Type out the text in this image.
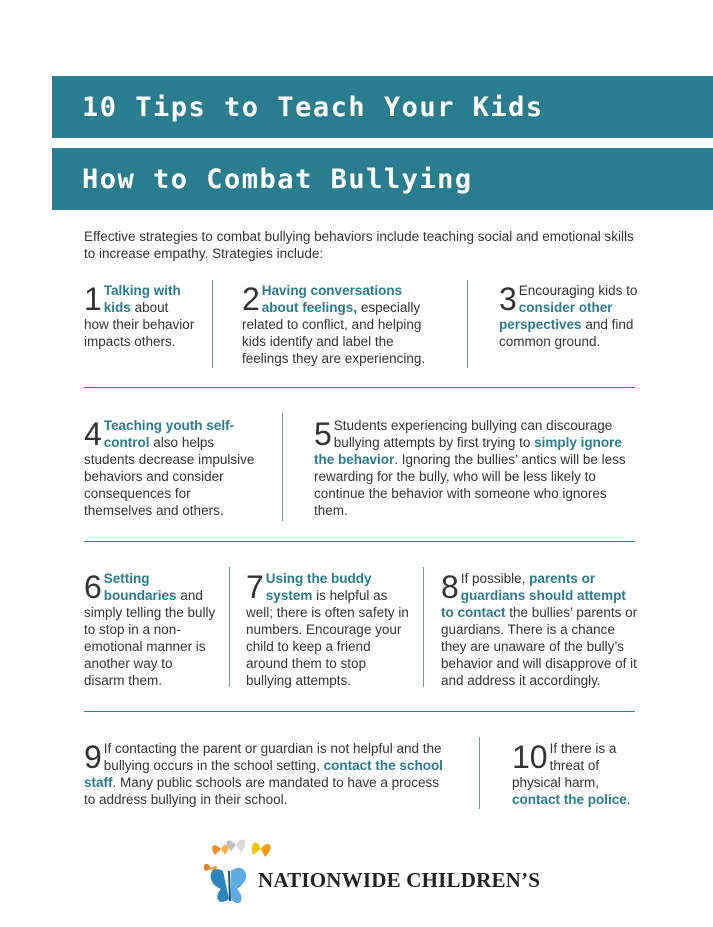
10 Tips to Teach Your Kids
How to Combat Bullying
Effective strategies to combat bullying behaviors include teaching social and emotional skills to increase empathy. Strategies include:
1 Talking with kids about how their behavior impacts others.
2 Having conversations about feelings, especially related to conflict, and helping kids identify and label the feelings they are experiencing.
3 Encouraging kids to consider other perspectives and find common ground.
4 Teaching youth self-control also helps students decrease impulsive behaviors and consider consequences for themselves and others.
5 Students experiencing bullying can discourage bullying attempts by first trying to simply ignore the behavior. Ignoring the bullies’ antics will be less rewarding for the bully, who will be less likely to continue the behavior with someone who ignores them.
6 Setting boundaries and simply telling the bully to stop in a non-emotional manner is another way to disarm them.
7 Using the buddy system is helpful as well; there is often safety in numbers. Encourage your child to keep a friend around them to stop bullying attempts.
8 If possible, parents or guardians should attempt to contact the bullies’ parents or guardians. There is a chance they are unaware of the bully’s behavior and will disapprove of it and address it accordingly.
9 If contacting the parent or guardian is not helpful and the bullying occurs in the school setting, contact the school staff. Many public schools are mandated to have a process to address bullying in their school.
10 If there is a threat of physical harm, contact the police.
NATIONWIDE CHILDREN’S
